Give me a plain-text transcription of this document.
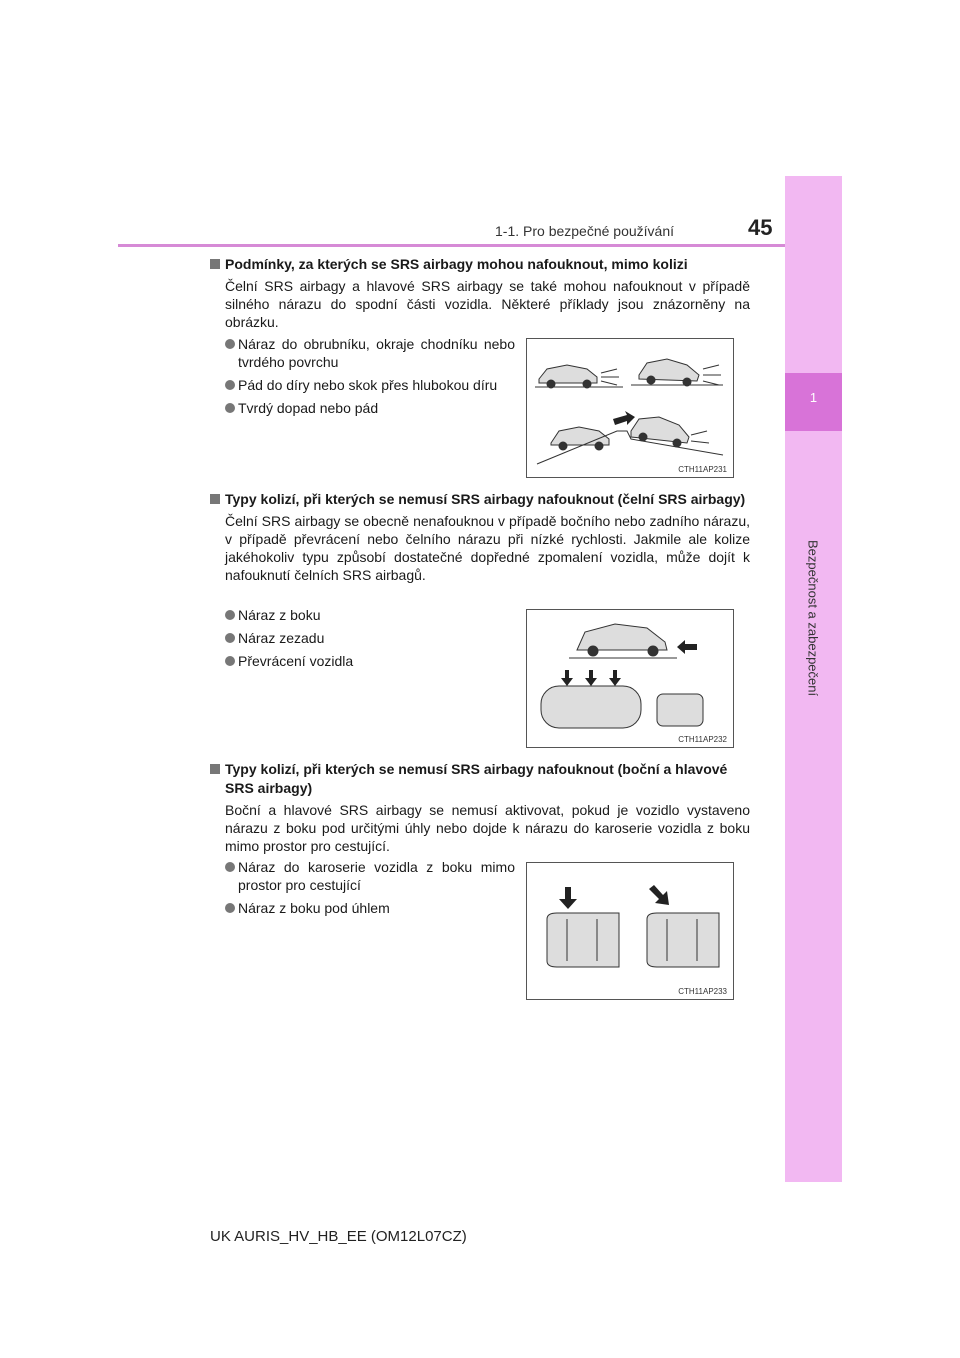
1-1. Pro bezpečné používání	45
1
Bezpečnost a zabezpečení
Podmínky, za kterých se SRS airbagy mohou nafouknout, mimo kolizi
Čelní SRS airbagy a hlavové SRS airbagy se také mohou nafouknout v případě silného nárazu do spodní části vozidla. Některé příklady jsou znázorněny na obrázku.
Náraz do obrubníku, okraje chodníku nebo tvrdého povrchu
Pád do díry nebo skok přes hlubokou díru
Tvrdý dopad nebo pád
CTH11AP231
Typy kolizí, při kterých se nemusí SRS airbagy nafouknout (čelní SRS airbagy)
Čelní SRS airbagy se obecně nenafouknou v případě bočního nebo zadního nárazu, v případě převrácení nebo čelního nárazu při nízké rychlosti. Jakmile ale kolize jakéhokoliv typu způsobí dostatečné dopředné zpomalení vozidla, může dojít k nafouknutí čelních SRS airbagů.
Náraz z boku
Náraz zezadu
Převrácení vozidla
CTH11AP232
Typy kolizí, při kterých se nemusí SRS airbagy nafouknout (boční a hlavové SRS airbagy)
Boční a hlavové SRS airbagy se nemusí aktivovat, pokud je vozidlo vystaveno nárazu z boku pod určitými úhly nebo dojde k nárazu do karoserie vozidla z boku mimo prostor pro cestující.
Náraz do karoserie vozidla z boku mimo prostor pro cestující
Náraz z boku pod úhlem
CTH11AP233
UK AURIS_HV_HB_EE (OM12L07CZ)
